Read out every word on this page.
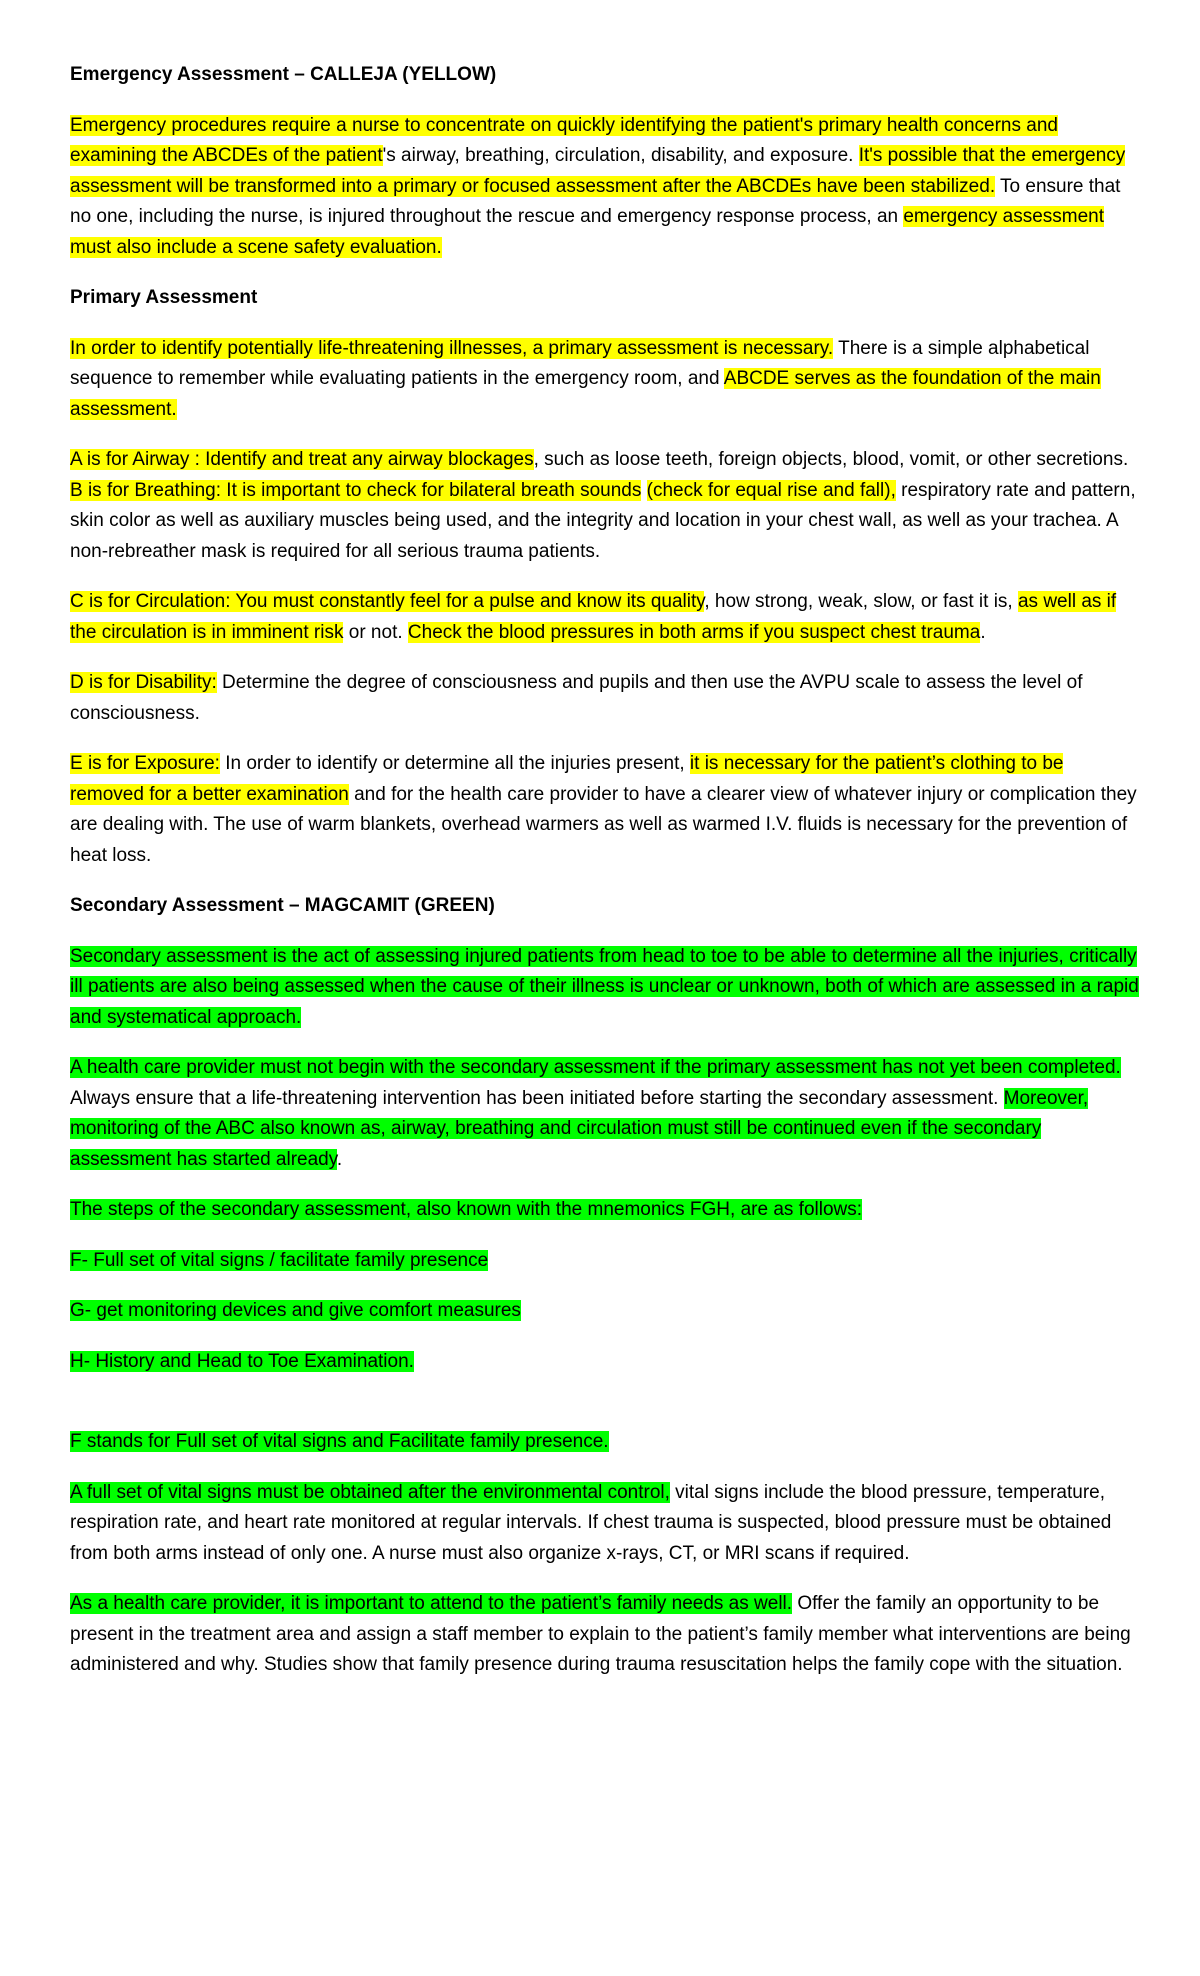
Emergency Assessment – CALLEJA (YELLOW)
Emergency procedures require a nurse to concentrate on quickly identifying the patient's primary health concerns and examining the ABCDEs of the patient's airway, breathing, circulation, disability, and exposure. It's possible that the emergency assessment will be transformed into a primary or focused assessment after the ABCDEs have been stabilized. To ensure that no one, including the nurse, is injured throughout the rescue and emergency response process, an emergency assessment must also include a scene safety evaluation.
Primary Assessment
In order to identify potentially life-threatening illnesses, a primary assessment is necessary. There is a simple alphabetical sequence to remember while evaluating patients in the emergency room, and ABCDE serves as the foundation of the main assessment.
A is for Airway : Identify and treat any airway blockages, such as loose teeth, foreign objects, blood, vomit, or other secretions.
B is for Breathing: It is important to check for bilateral breath sounds (check for equal rise and fall), respiratory rate and pattern, skin color as well as auxiliary muscles being used, and the integrity and location in your chest wall, as well as your trachea. A non-rebreather mask is required for all serious trauma patients.
C is for Circulation: You must constantly feel for a pulse and know its quality, how strong, weak, slow, or fast it is, as well as if the circulation is in imminent risk or not. Check the blood pressures in both arms if you suspect chest trauma.
D is for Disability: Determine the degree of consciousness and pupils and then use the AVPU scale to assess the level of consciousness.
E is for Exposure: In order to identify or determine all the injuries present, it is necessary for the patient’s clothing to be removed for a better examination and for the health care provider to have a clearer view of whatever injury or complication they are dealing with. The use of warm blankets, overhead warmers as well as warmed I.V. fluids is necessary for the prevention of heat loss.
Secondary Assessment – MAGCAMIT (GREEN)
Secondary assessment is the act of assessing injured patients from head to toe to be able to determine all the injuries, critically ill patients are also being assessed when the cause of their illness is unclear or unknown, both of which are assessed in a rapid and systematical approach.
A health care provider must not begin with the secondary assessment if the primary assessment has not yet been completed. Always ensure that a life-threatening intervention has been initiated before starting the secondary assessment. Moreover, monitoring of the ABC also known as, airway, breathing and circulation must still be continued even if the secondary assessment has started already.
The steps of the secondary assessment, also known with the mnemonics FGH, are as follows:
F- Full set of vital signs / facilitate family presence
G- get monitoring devices and give comfort measures
H- History and Head to Toe Examination.
F stands for Full set of vital signs and Facilitate family presence.
A full set of vital signs must be obtained after the environmental control, vital signs include the blood pressure, temperature, respiration rate, and heart rate monitored at regular intervals. If chest trauma is suspected, blood pressure must be obtained from both arms instead of only one. A nurse must also organize x-rays, CT, or MRI scans if required.
As a health care provider, it is important to attend to the patient’s family needs as well. Offer the family an opportunity to be present in the treatment area and assign a staff member to explain to the patient’s family member what interventions are being administered and why. Studies show that family presence during trauma resuscitation helps the family cope with the situation.
